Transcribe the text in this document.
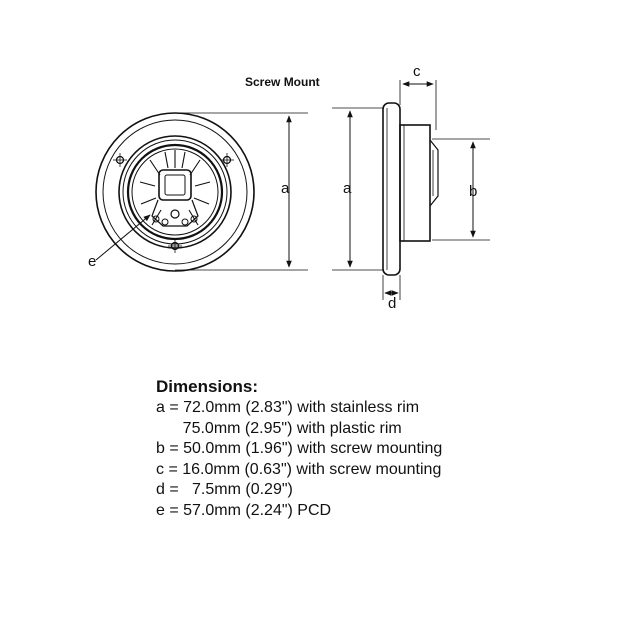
Screw Mount
e
a	a	b
c
d
Dimensions:
a = 72.0mm (2.83") with stainless rim
75.0mm (2.95") with plastic rim
b = 50.0mm (1.96") with screw mounting
c = 16.0mm (0.63") with screw mounting
d =   7.5mm (0.29")
e = 57.0mm (2.24") PCD
